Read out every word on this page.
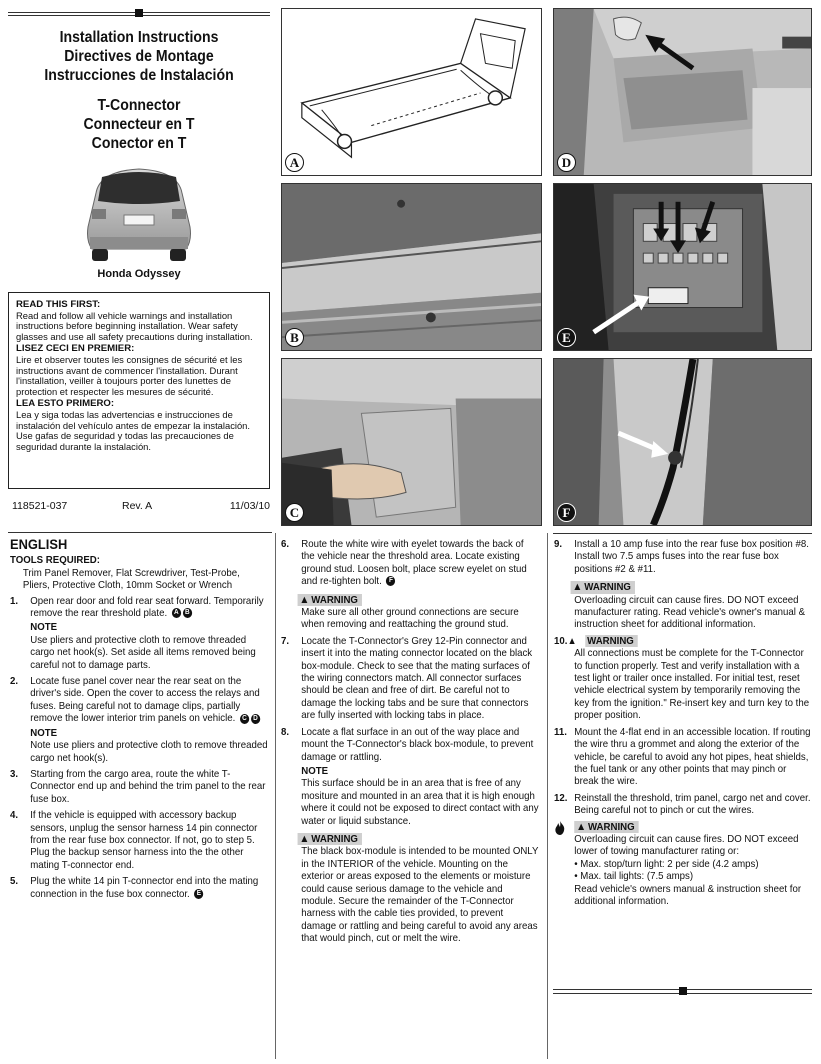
Installation Instructions
Directives de Montage
Instrucciones de Instalación
T-Connector
Connecteur en T
Conector en T
Honda Odyssey
READ THIS FIRST:
Read and follow all vehicle warnings and installation instructions before beginning installation. Wear safety glasses and use all safety precautions during installation.
LISEZ CECI EN PREMIER:
Lire et observer toutes les consignes de sécurité et les instructions avant de commencer l'installation. Durant l'installation, veiller à toujours porter des lunettes de protection et respecter les mesures de sécurité.
LEA ESTO PRIMERO:
Lea y siga todas las advertencias e instrucciones de instalación del vehículo antes de empezar la instalación. Use gafas de seguridad y todas las precauciones de seguridad durante la instalación.
118521-037	Rev. A	11/03/10
A	D
B	E
C	F
ENGLISH
TOOLS REQUIRED:
Trim Panel Remover, Flat Screwdriver, Test-Probe, Pliers, Protective Cloth, 10mm Socket or Wrench
1. Open rear door and fold rear seat forward. Temporarily remove the rear threshold plate. A B
NOTE
Use pliers and protective cloth to remove threaded cargo net hook(s). Set aside all items removed being careful not to damage parts.
2. Locate fuse panel cover near the rear seat on the driver's side. Open the cover to access the relays and fuses. Being careful not to damage clips, partially remove the lower interior trim panels on vehicle. C D
NOTE
Note use pliers and protective cloth to remove threaded cargo net hook(s).
3. Starting from the cargo area, route the white T-Connector end up and behind the trim panel to the rear fuse box.
4. If the vehicle is equipped with accessory backup sensors, unplug the sensor harness 14 pin connector from the rear fuse box connector. If not, go to step 5. Plug the backup sensor harness into the the other mating T-connector end.
5. Plug the white 14 pin T-connector end into the mating connection in the fuse box connector. E
6. Route the white wire with eyelet towards the back of the vehicle near the threshold area. Locate existing ground stud. Loosen bolt, place screw eyelet on stud and re-tighten bolt. F
▲ WARNING
Make sure all other ground connections are secure when removing and reattaching the ground stud.
7. Locate the T-Connector's Grey 12-Pin connector and insert it into the mating connector located on the black box-module. Check to see that the mating surfaces of the wiring connectors match. All connector surfaces should be clean and free of dirt. Be careful not to damage the locking tabs and be sure that connectors are fully inserted with locking tabs in place.
8. Locate a flat surface in an out of the way place and mount the T-Connector's black box-module, to prevent damage or rattling.
NOTE
This surface should be in an area that is free of any mositure and mounted in an area that it is high enough where it could not be exposed to direct contact with any water or liquid substance.
▲ WARNING
The black box-module is intended to be mounted ONLY in the INTERIOR of the vehicle. Mounting on the exterior or areas exposed to the elements or moisture could cause serious damage to the vehicle and module. Secure the remainder of the T-Connector harness with the cable ties provided, to prevent damage or rattling and being careful to avoid any areas that would pinch, cut or melt the wire.
9. Install a 10 amp fuse into the rear fuse box position #8. Install two 7.5 amps fuses into the rear fuse box positions #2 & #11.
▲ WARNING
Overloading circuit can cause fires. DO NOT exceed manufacturer rating. Read vehicle's owner's manual & instruction sheet for additional information.
10.▲ WARNING
All connections must be complete for the T-Connector to function properly. Test and verify installation with a test light or trailer once installed. For initial test, reset vehicle electrical system by temporarily removing the key from the ignition." Re-insert key and turn key to the proper position.
11. Mount the 4-flat end in an accessible location. If routing the wire thru a grommet and along the exterior of the vehicle, be careful to avoid any hot pipes, heat shields, the fuel tank or any other points that may pinch or break the wire.
12. Reinstall the threshold, trim panel, cargo net and cover. Being careful not to pinch or cut the wires.
▲ WARNING
Overloading circuit can cause fires. DO NOT exceed lower of towing manufacturer rating or:
• Max. stop/turn light: 2 per side (4.2 amps)
• Max. tail lights: (7.5 amps)
Read vehicle's owners manual & instruction sheet for additional information.
